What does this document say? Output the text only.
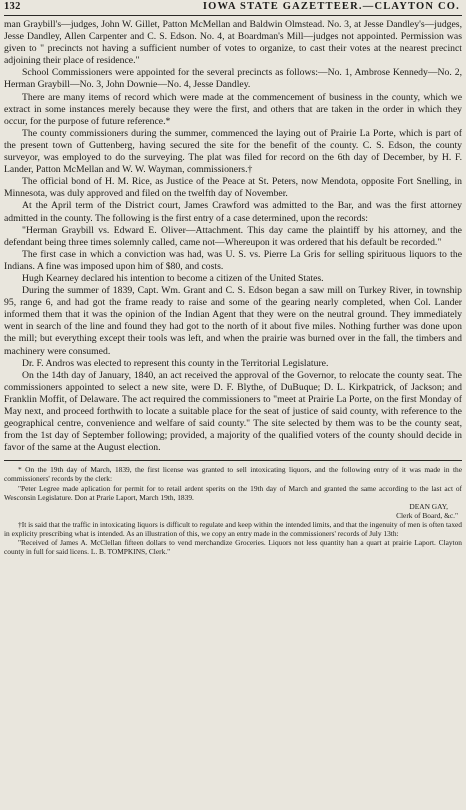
132	IOWA STATE GAZETTEER.—CLAYTON CO.

man Graybill's—judges, John W. Gillet, Patton McMellan and Baldwin Olmstead. No. 3, at Jesse Dandley's—judges, Jesse Dandley, Allen Carpenter and C. S. Edson. No. 4, at Boardman's Mill—judges not appointed. Permission was given to " precincts not having a sufficient number of votes to organize, to cast their votes at the nearest precinct adjoining their place of residence."

School Commissioners were appointed for the several precincts as follows:—No. 1, Ambrose Kennedy—No. 2, Herman Graybill—No. 3, John Downie—No. 4, Jesse Dandley.

There are many items of record which were made at the commencement of business in the county, which we extract in some instances merely because they were the first, and others that are taken in the order in which they occur, for the purpose of future reference.*

The county commissioners during the summer, commenced the laying out of Prairie La Porte, which is part of the present town of Guttenberg, having secured the site for the benefit of the county. C. S. Edson, the county surveyor, was employed to do the surveying. The plat was filed for record on the 6th day of December, by H. F. Lander, Patton McMellan and W. W. Wayman, commissioners.†

The official bond of H. M. Rice, as Justice of the Peace at St. Peters, now Mendota, opposite Fort Snelling, in Minnesota, was duly approved and filed on the twelfth day of November.

At the April term of the District court, James Crawford was admitted to the Bar, and was the first attorney admitted in the county. The following is the first entry of a case determined, upon the records:

"Herman Graybill vs. Edward E. Oliver—Attachment. This day came the plaintiff by his attorney, and the defendant being three times solemnly called, came not—Whereupon it was ordered that his default be recorded."

The first case in which a conviction was had, was U. S. vs. Pierre La Gris for selling spirituous liquors to the Indians. A fine was imposed upon him of $80, and costs.

Hugh Kearney declared his intention to become a citizen of the United States.

During the summer of 1839, Capt. Wm. Grant and C. S. Edson began a saw mill on Turkey River, in township 95, range 6, and had got the frame ready to raise and some of the gearing nearly completed, when Col. Lander informed them that it was the opinion of the Indian Agent that they were on the neutral ground. They immediately went in search of the line and found they had got to the north of it about five miles. Nothing further was done upon the mill; but everything except their tools was left, and when the prairie was burned over in the fall, the timbers and machinery were consumed.

Dr. F. Andros was elected to represent this county in the Territorial Legislature.

On the 14th day of January, 1840, an act received the approval of the Governor, to relocate the county seat. The commissioners appointed to select a new site, were D. F. Blythe, of DuBuque; D. L. Kirkpatrick, of Jackson; and Franklin Moffit, of Delaware. The act required the commissioners to "meet at Prairie La Porte, on the first Monday of May next, and proceed forthwith to locate a suitable place for the seat of justice of said county, with reference to the geographical centre, convenience and welfare of said county." The site selected by them was to be the county seat, from the 1st day of September following; provided, a majority of the qualified voters of the county should decide in favor of the same at the August election.

* On the 19th day of March, 1839, the first license was granted to sell intoxicating liquors, and the following entry of it was made in the commissioners' records by the clerk:

"Peter Legree made aplication for permit for to retail ardent sperits on the 19th day of March and granted the same according to the last act of Wesconsin Legislature. Don at Prarie Laport, March 19th, 1839.

DEAN GAY,

Clerk of Board, &c."

†It is said that the traffic in intoxicating liquors is difficult to regulate and keep within the intended limits, and that the ingenuity of men is often taxed in explicity prescribing what is intended. As an illustration of this, we copy an entry made in the commissioners' records of July 13th:

"Received of James A. McClellan fifteen dollars to vend merchandize Groceries. Liquors not less quantity han a quart at prairie Laport. Clayton county in full for said licens. L. B. TOMPKINS, Clerk."
